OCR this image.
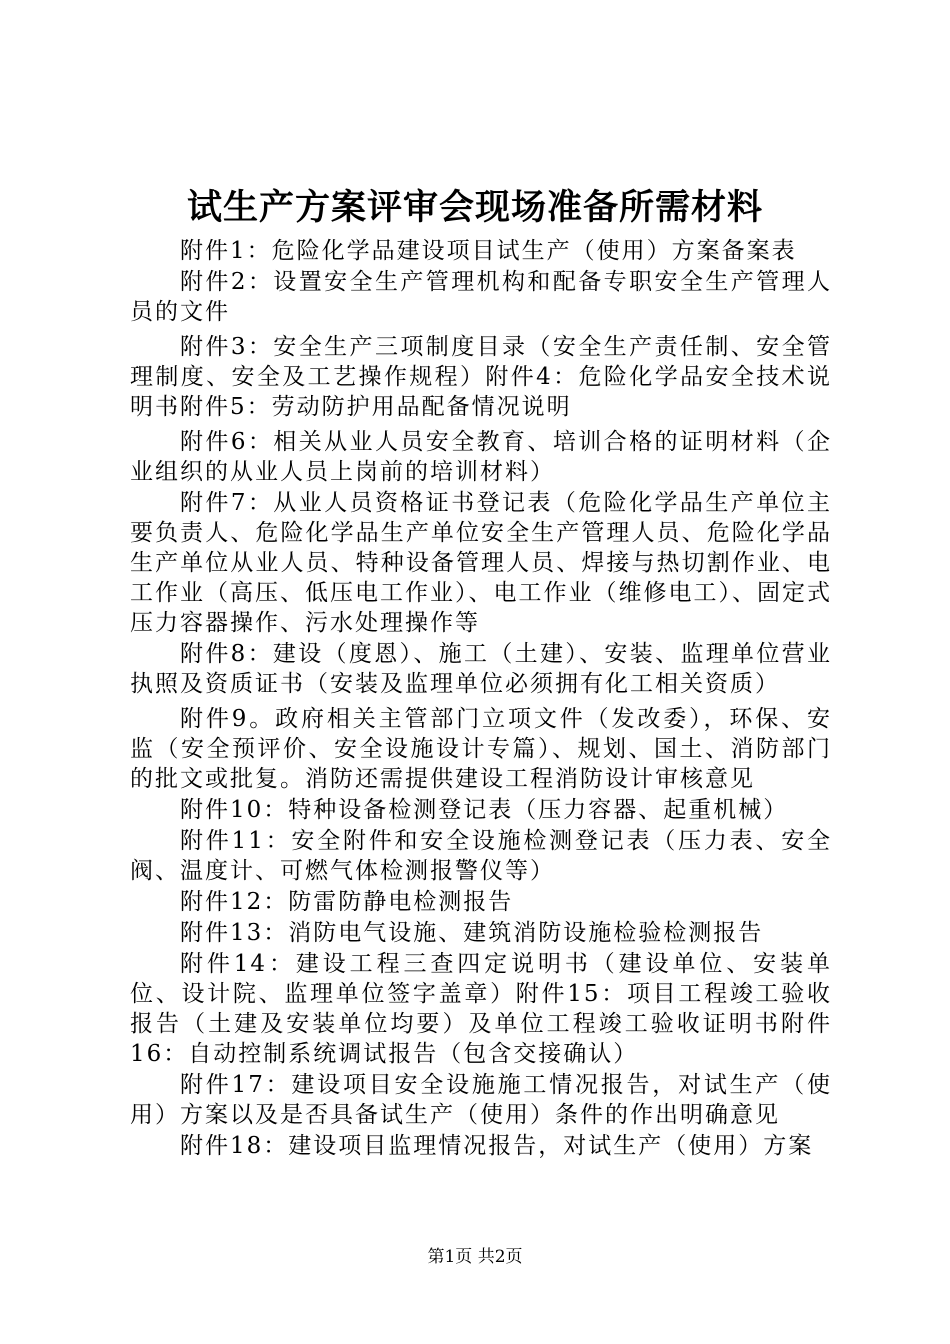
试生产方案评审会现场准备所需材料

附件1：危险化学品建设项目试生产（使用）方案备案表

附件2：设置安全生产管理机构和配备专职安全生产管理人员的文件

附件3：安全生产三项制度目录（安全生产责任制、安全管理制度、安全及工艺操作规程）附件4：危险化学品安全技术说明书附件5：劳动防护用品配备情况说明

附件6：相关从业人员安全教育、培训合格的证明材料（企业组织的从业人员上岗前的培训材料）

附件7：从业人员资格证书登记表（危险化学品生产单位主要负责人、危险化学品生产单位安全生产管理人员、危险化学品生产单位从业人员、特种设备管理人员、焊接与热切割作业、电工作业（高压、低压电工作业）、电工作业（维修电工）、固定式压力容器操作、污水处理操作等

附件8：建设（度恩）、施工（土建）、安装、监理单位营业执照及资质证书（安装及监理单位必须拥有化工相关资质）

附件9。政府相关主管部门立项文件（发改委），环保、安监（安全预评价、安全设施设计专篇）、规划、国土、消防部门的批文或批复。消防还需提供建设工程消防设计审核意见

附件10：特种设备检测登记表（压力容器、起重机械）

附件11：安全附件和安全设施检测登记表（压力表、安全阀、温度计、可燃气体检测报警仪等）

附件12：防雷防静电检测报告

附件13：消防电气设施、建筑消防设施检验检测报告

附件14：建设工程三查四定说明书（建设单位、安装单位、设计院、监理单位签字盖章）附件15：项目工程竣工验收报告（土建及安装单位均要）及单位工程竣工验收证明书附件16：自动控制系统调试报告（包含交接确认）

附件17：建设项目安全设施施工情况报告，对试生产（使用）方案以及是否具备试生产（使用）条件的作出明确意见

附件18：建设项目监理情况报告，对试生产（使用）方案

第1页 共2页
